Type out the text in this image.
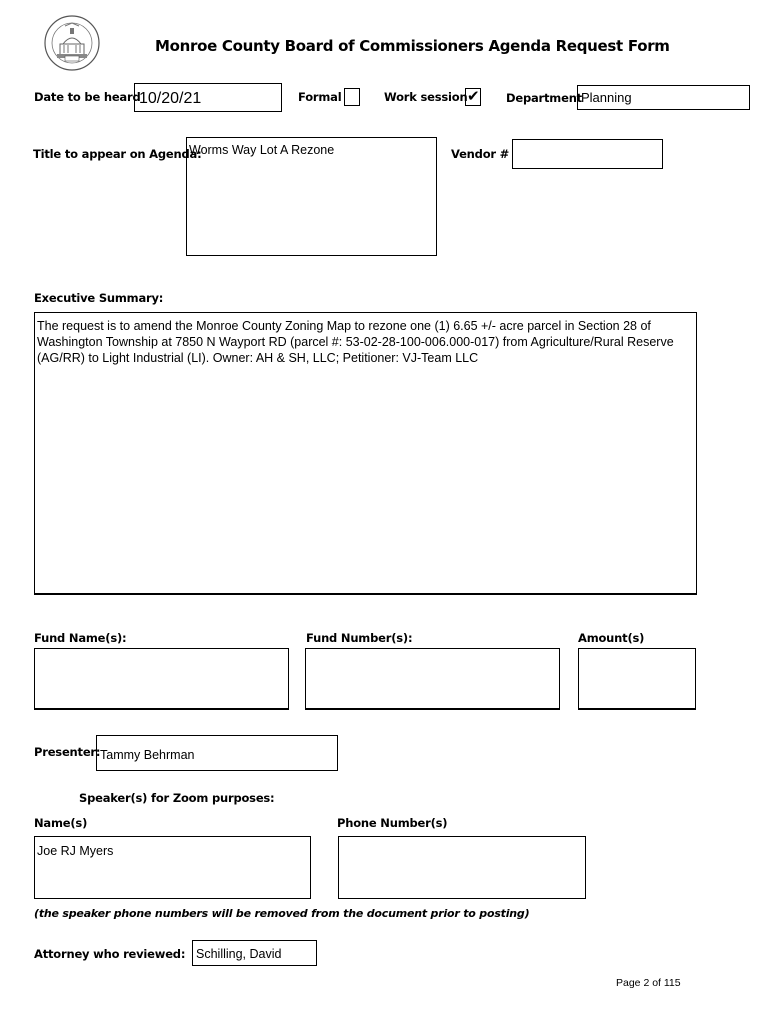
Monroe County Board of Commissioners Agenda Request Form
Date to be heard
10/20/21	Formal	Work session ✔ Department Planning
Title to appear on Agenda:
Worms Way Lot A Rezone	Vendor #
Executive Summary:
The request is to amend the Monroe County Zoning Map to rezone one (1) 6.65 +/- acre parcel in Section 28 of Washington Township at 7850 N Wayport RD (parcel #: 53-02-28-100-006.000-017) from Agriculture/Rural Reserve (AG/RR) to Light Industrial (LI). Owner: AH & SH, LLC; Petitioner: VJ-Team LLC
Fund Name(s):	Fund Number(s):	Amount(s)
Presenter: Tammy Behrman
Speaker(s) for Zoom purposes:
Name(s)	Phone Number(s)
Joe RJ Myers
(the speaker phone numbers will be removed from the document prior to posting)
Attorney who reviewed: Schilling, David
Page 2 of 115
